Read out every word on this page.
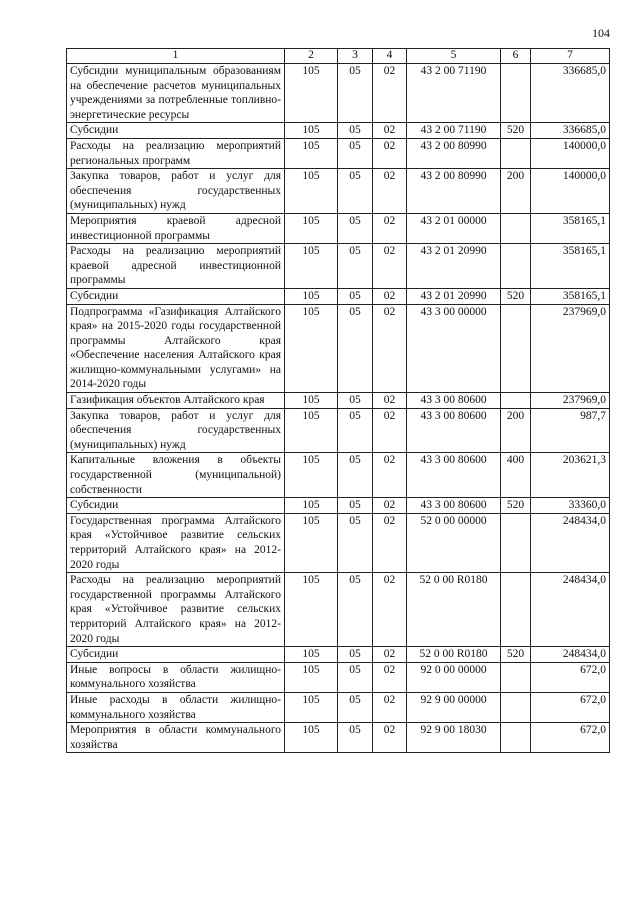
104
1	2	3	4	5	6	7
Субсидии муниципальным образованиям на обеспечение расчетов муниципальных учреждениями за потребленные топливно-энергетические ресурсы	105	05	02	43 2 00 71190		336685,0
Субсидии	105	05	02	43 2 00 71190	520	336685,0
Расходы на реализацию мероприятий региональных программ	105	05	02	43 2 00 80990		140000,0
Закупка товаров, работ и услуг для обеспечения государственных (муниципальных) нужд	105	05	02	43 2 00 80990	200	140000,0
Мероприятия краевой адресной инвестиционной программы	105	05	02	43 2 01 00000		358165,1
Расходы на реализацию мероприятий краевой адресной инвестиционной программы	105	05	02	43 2 01 20990		358165,1
Субсидии	105	05	02	43 2 01 20990	520	358165,1
Подпрограмма «Газификация Алтайского края» на 2015-2020 годы государственной программы Алтайского края «Обеспечение населения Алтайского края жилищно-коммунальными услугами» на 2014-2020 годы	105	05	02	43 3 00 00000		237969,0
Газификация объектов Алтайского края	105	05	02	43 3 00 80600		237969,0
Закупка товаров, работ и услуг для обеспечения государственных (муниципальных) нужд	105	05	02	43 3 00 80600	200	987,7
Капитальные вложения в объекты государственной (муниципальной) собственности	105	05	02	43 3 00 80600	400	203621,3
Субсидии	105	05	02	43 3 00 80600	520	33360,0
Государственная программа Алтайского края «Устойчивое развитие сельских территорий Алтайского края» на 2012-2020 годы	105	05	02	52 0 00 00000		248434,0
Расходы на реализацию мероприятий государственной программы Алтайского края «Устойчивое развитие сельских территорий Алтайского края» на 2012-2020 годы	105	05	02	52 0 00 R0180		248434,0
Субсидии	105	05	02	52 0 00 R0180	520	248434,0
Иные вопросы в области жилищно-коммунального хозяйства	105	05	02	92 0 00 00000		672,0
Иные расходы в области жилищно-коммунального хозяйства	105	05	02	92 9 00 00000		672,0
Мероприятия в области коммунального хозяйства	105	05	02	92 9 00 18030		672,0
